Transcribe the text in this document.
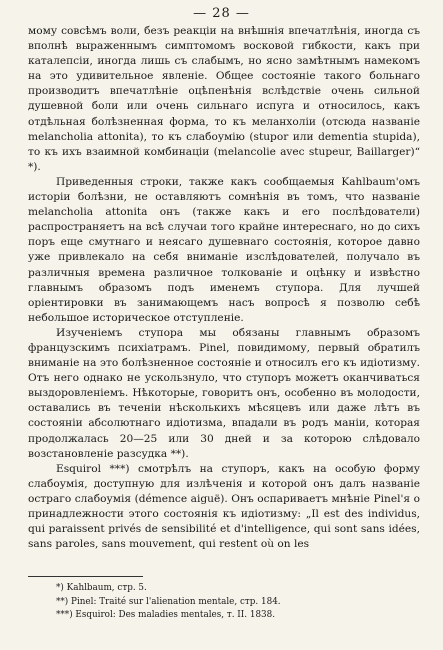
— 28 —

мому совсѣмъ воли, безъ реакціи на внѣшнія впечатлѣнія, иногда съ вполнѣ выраженнымъ симптомомъ восковой гибкости, какъ при каталепсіи, иногда лишь съ слабымъ, но ясно замѣтнымъ намекомъ на это удивительное явленіе. Общее состояніе такого больнаго производитъ впечатлѣніе оцѣпенѣнія вслѣдствіе очень сильной душевной боли или очень сильнаго испуга и относилось, какъ отдѣльная болѣзненная форма, то къ меланхоліи (отсюда названіе melancholia attonita), то къ слабоумію (stupor или dementia stupida), то къ ихъ взаимной комбинаціи (melancolie avec stupeur, Baillarger)“ *).

Приведенныя строки, также какъ сообщаемыя Kahlbaum'омъ исторіи болѣзни, не оставляютъ сомнѣнія въ томъ, что названіе melancholia attonita онъ (также какъ и его послѣдователи) распространяетъ на всѣ случаи того крайне интереснаго, но до сихъ поръ еще смутнаго и неясаго душевнаго состоянія, которое давно уже привлекало на себя вниманіе изслѣдователей, получало въ различныя времена различное толкованіе и оцѣнку и извѣстно главнымъ образомъ подъ именемъ ступора. Для лучшей оріентировки въ занимающемъ насъ вопросѣ я позволю себѣ небольшое историческое отступленіе.

Изученіемъ ступора мы обязаны главнымъ образомъ французскимъ психіатрамъ. Pinel, повидимому, первый обратилъ вниманіе на это болѣзненное состояніе и относилъ его къ идіотизму. Отъ него однако не ускользнуло, что ступоръ можетъ оканчиваться выздоровленіемъ. Нѣкоторые, говоритъ онъ, особенно въ молодости, оставались въ теченіи нѣсколькихъ мѣсяцевъ или даже лѣтъ въ состояніи абсолютнаго идіотизма, впадали въ родъ маніи, которая продолжалась 20—25 или 30 дней и за которою слѣдовало возстановленіе разсудка **).

Esquirol ***) смотрѣлъ на ступоръ, какъ на особую форму слабоумія, доступную для излѣченія и которой онъ далъ названіе остраго слабоумія (démence aiguë). Онъ оспариваетъ мнѣніе Pinel'я о принадлежности этого состоянія къ идіотизму: „Il est des individus, qui paraissent privés de sensibilité et d'intelligence, qui sont sans idées, sans paroles, sans mouvement, qui restent où on les

*) Kahlbaum, стр. 5.
**) Pinel: Traité sur l'alienation mentale, стр. 184.
***) Esquirol: Des maladies mentales, т. II. 1838.
